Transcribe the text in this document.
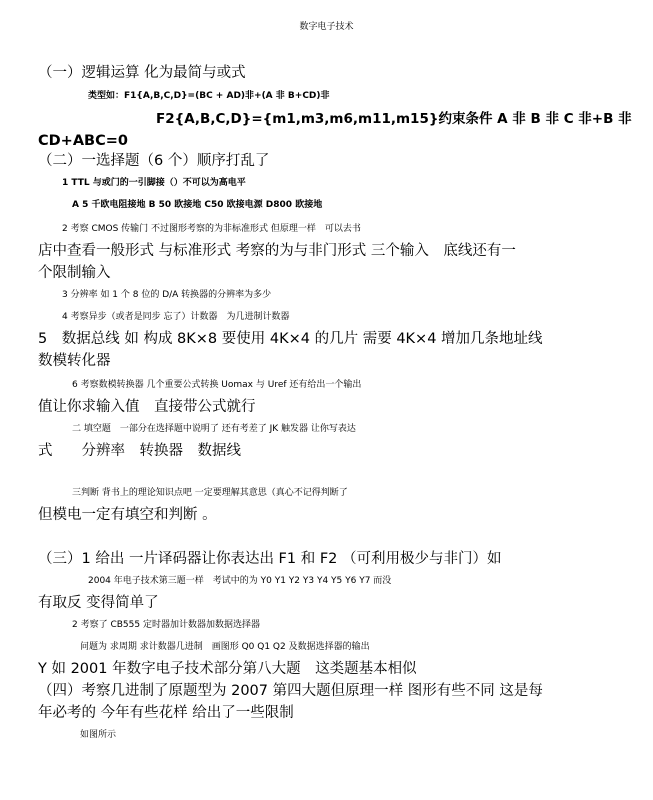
数字电子技术
（一）逻辑运算 化为最简与或式
类型如：F1{A,B,C,D}=(BC + AD)非+(A 非 B+CD)非
F2{A,B,C,D}={m1,m3,m6,m11,m15}约束条件 A 非 B 非 C 非+B 非
CD+ABC=0
（二）一选择题（6 个）顺序打乱了
1 TTL 与或门的一引脚接（）不可以为高电平
A 5 千欧电阻接地 B 50 欧接地 C50 欧接电源 D800 欧接地
2 考察 CMOS 传输门 不过图形考察的为非标准形式 但原理一样　可以去书
店中查看一般形式 与标准形式 考察的为与非门形式 三个输入　底线还有一
个限制输入
3 分辨率 如 1 个 8 位的 D/A 转换器的分辨率为多少
4 考察异步（或者是同步 忘了）计数器　为几进制计数器
5　数据总线 如 构成 8K×8 要使用 4K×4 的几片 需要 4K×4 增加几条地址线
数模转化器
6 考察数模转换器 几个重要公式转换 Uomax 与 Uref 还有给出一个输出
值让你求输入值　直接带公式就行
二 填空题　一部分在选择题中说明了 还有考差了 JK 触发器 让你写表达
式　　分辨率　转换器　数据线
三判断 背书上的理论知识点吧 一定要理解其意思（真心不记得判断了
但模电一定有填空和判断 。
（三）1 给出 一片译码器让你表达出 F1 和 F2 （可利用极少与非门）如
2004 年电子技术第三题一样　考试中的为 Y0 Y1 Y2 Y3 Y4 Y5 Y6 Y7 而没
有取反 变得简单了
2 考察了 CB555 定时器加计数器加数据选择器
问题为 求周期 求计数器几进制　画图形 Q0 Q1 Q2 及数据选择器的输出
Y 如 2001 年数字电子技术部分第八大题　这类题基本相似
（四）考察几进制了原题型为 2007 第四大题但原理一样 图形有些不同 这是每
年必考的 今年有些花样 给出了一些限制
如图所示
